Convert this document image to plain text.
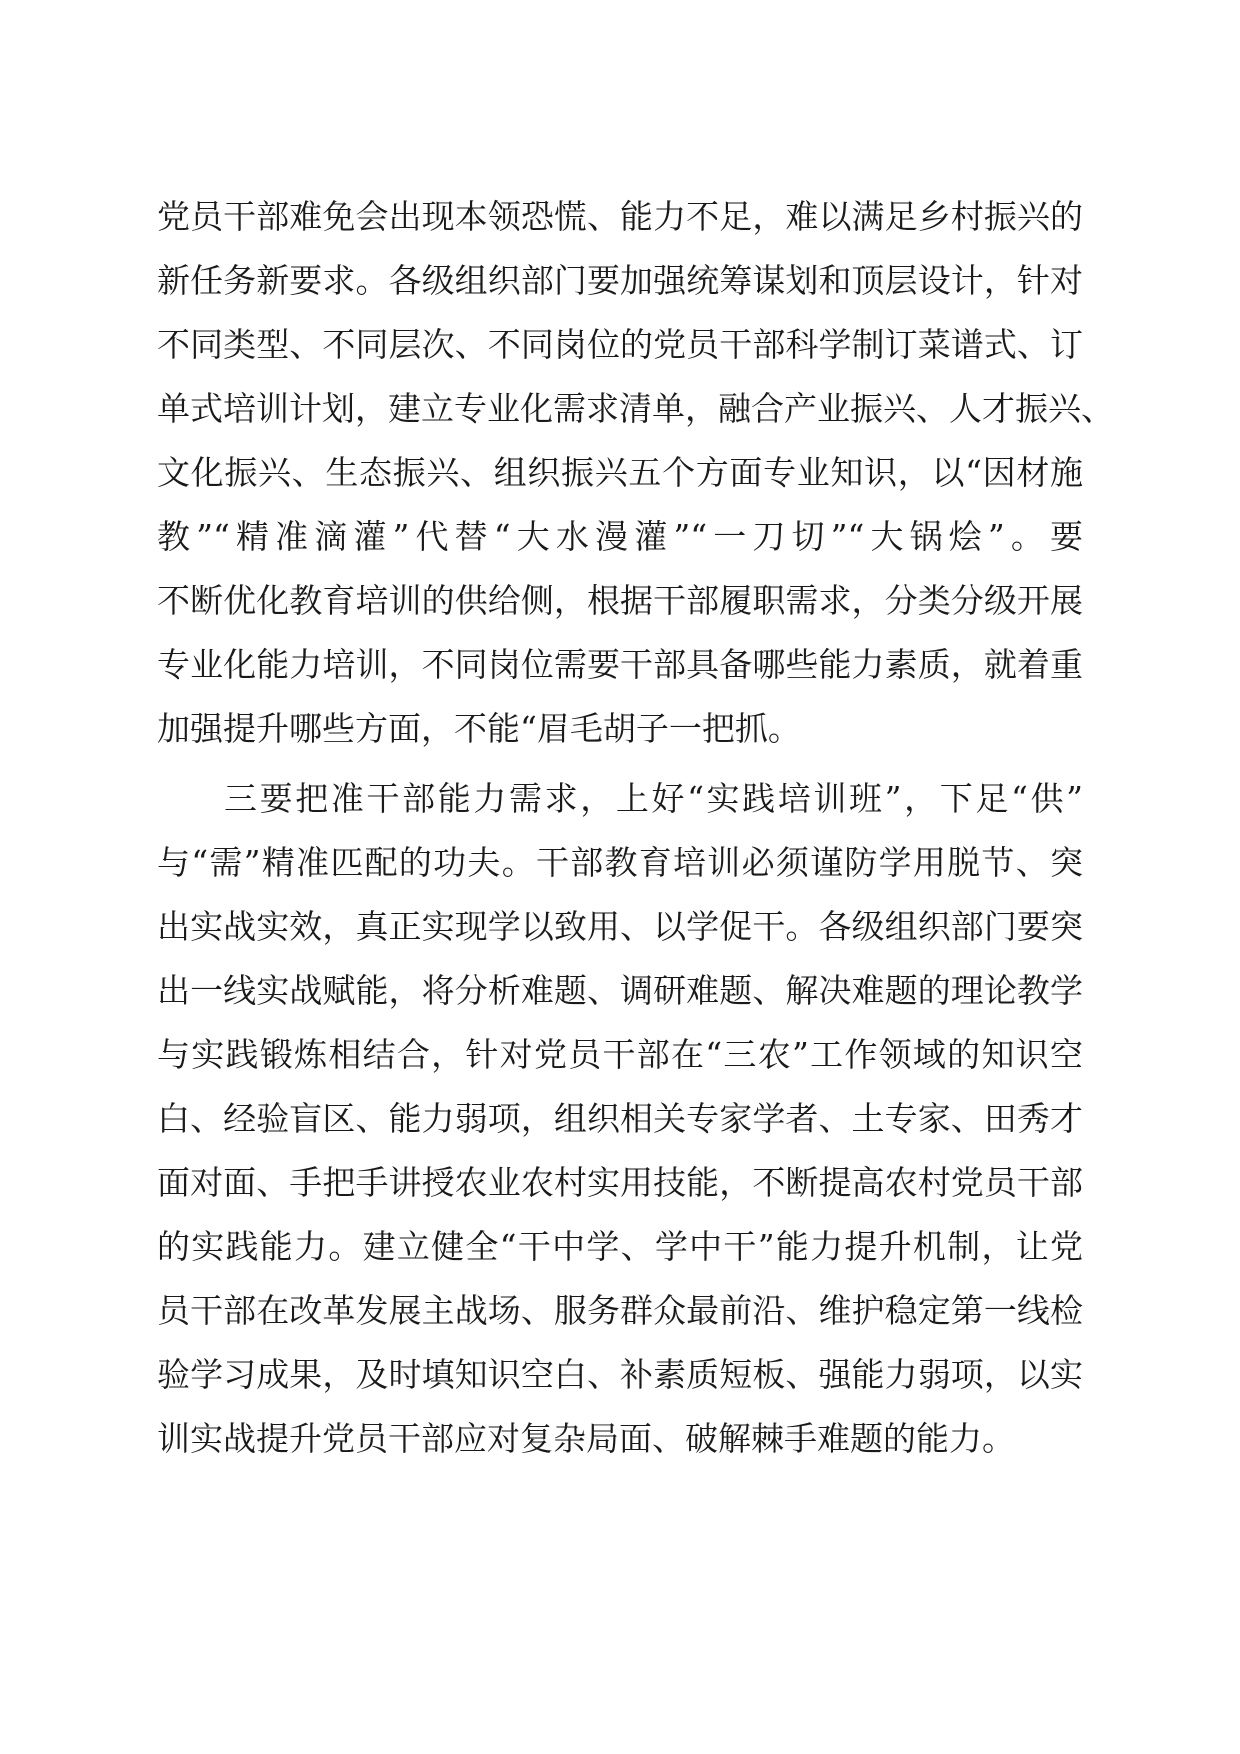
党员干部难免会出现本领恐慌、能力不足，难以满足乡村振兴的
新任务新要求。各级组织部门要加强统筹谋划和顶层设计，针对
不同类型、不同层次、不同岗位的党员干部科学制订菜谱式、订
单式培训计划，建立专业化需求清单，融合产业振兴、人才振兴、
文化振兴、生态振兴、组织振兴五个方面专业知识，以“因材施
教”“精准滴灌”代替“大水漫灌”“一刀切”“大锅烩”。要
不断优化教育培训的供给侧，根据干部履职需求，分类分级开展
专业化能力培训，不同岗位需要干部具备哪些能力素质，就着重
加强提升哪些方面，不能“眉毛胡子一把抓。
三要把准干部能力需求，上好“实践培训班”，下足“供”
与“需”精准匹配的功夫。干部教育培训必须谨防学用脱节、突
出实战实效，真正实现学以致用、以学促干。各级组织部门要突
出一线实战赋能，将分析难题、调研难题、解决难题的理论教学
与实践锻炼相结合，针对党员干部在“三农”工作领域的知识空
白、经验盲区、能力弱项，组织相关专家学者、土专家、田秀才
面对面、手把手讲授农业农村实用技能，不断提高农村党员干部
的实践能力。建立健全“干中学、学中干”能力提升机制，让党
员干部在改革发展主战场、服务群众最前沿、维护稳定第一线检
验学习成果，及时填知识空白、补素质短板、强能力弱项，以实
训实战提升党员干部应对复杂局面、破解棘手难题的能力。
